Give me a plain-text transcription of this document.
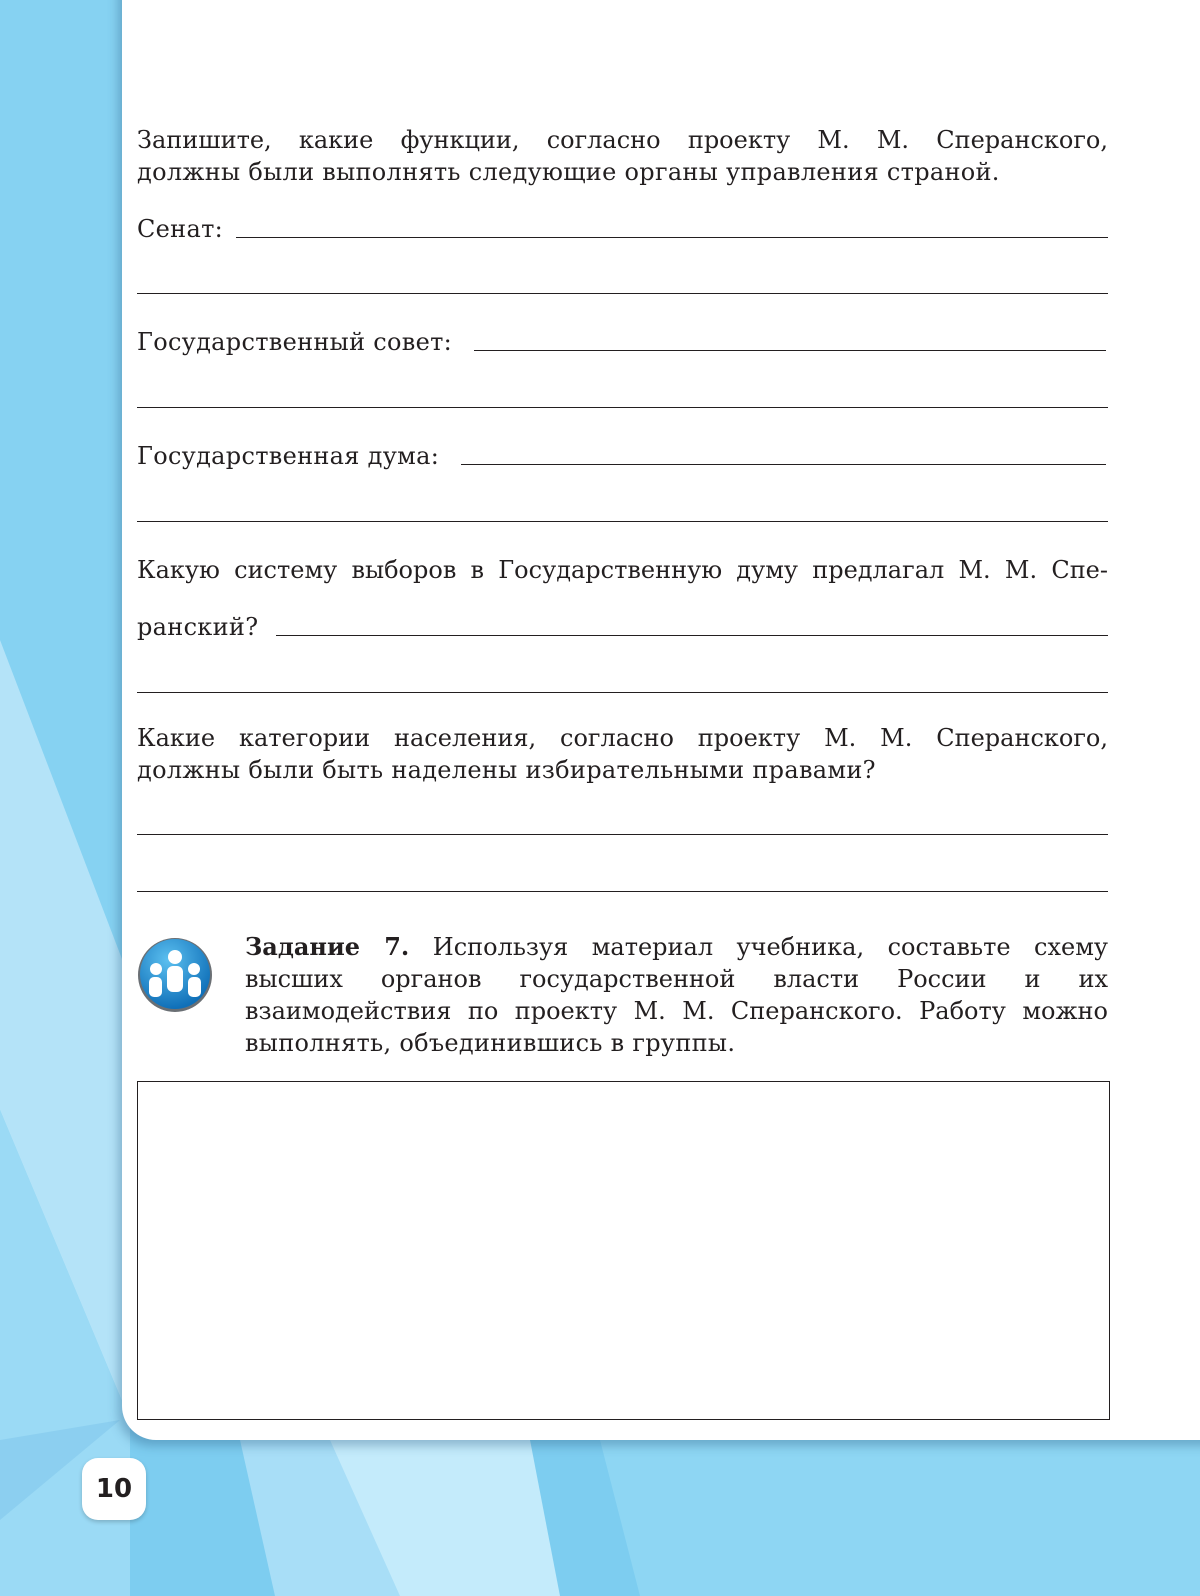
Запишите, какие функции, согласно проекту М. М. Сперанского,
должны были выполнять следующие органы управления страной.
Сенат:
Государственный совет:
Государственная дума:
Какую систему выборов в Государственную думу предлагал М. М. Спе-
ранский?
Какие категории населения, согласно проекту М. М. Сперанского,
должны были быть наделены избирательными правами?
Задание 7. Используя материал учебника, составьте схему
высших органов государственной власти России и их
взаимодействия по проекту М. М. Сперанского. Работу можно
выполнять, объединившись в группы.
10
